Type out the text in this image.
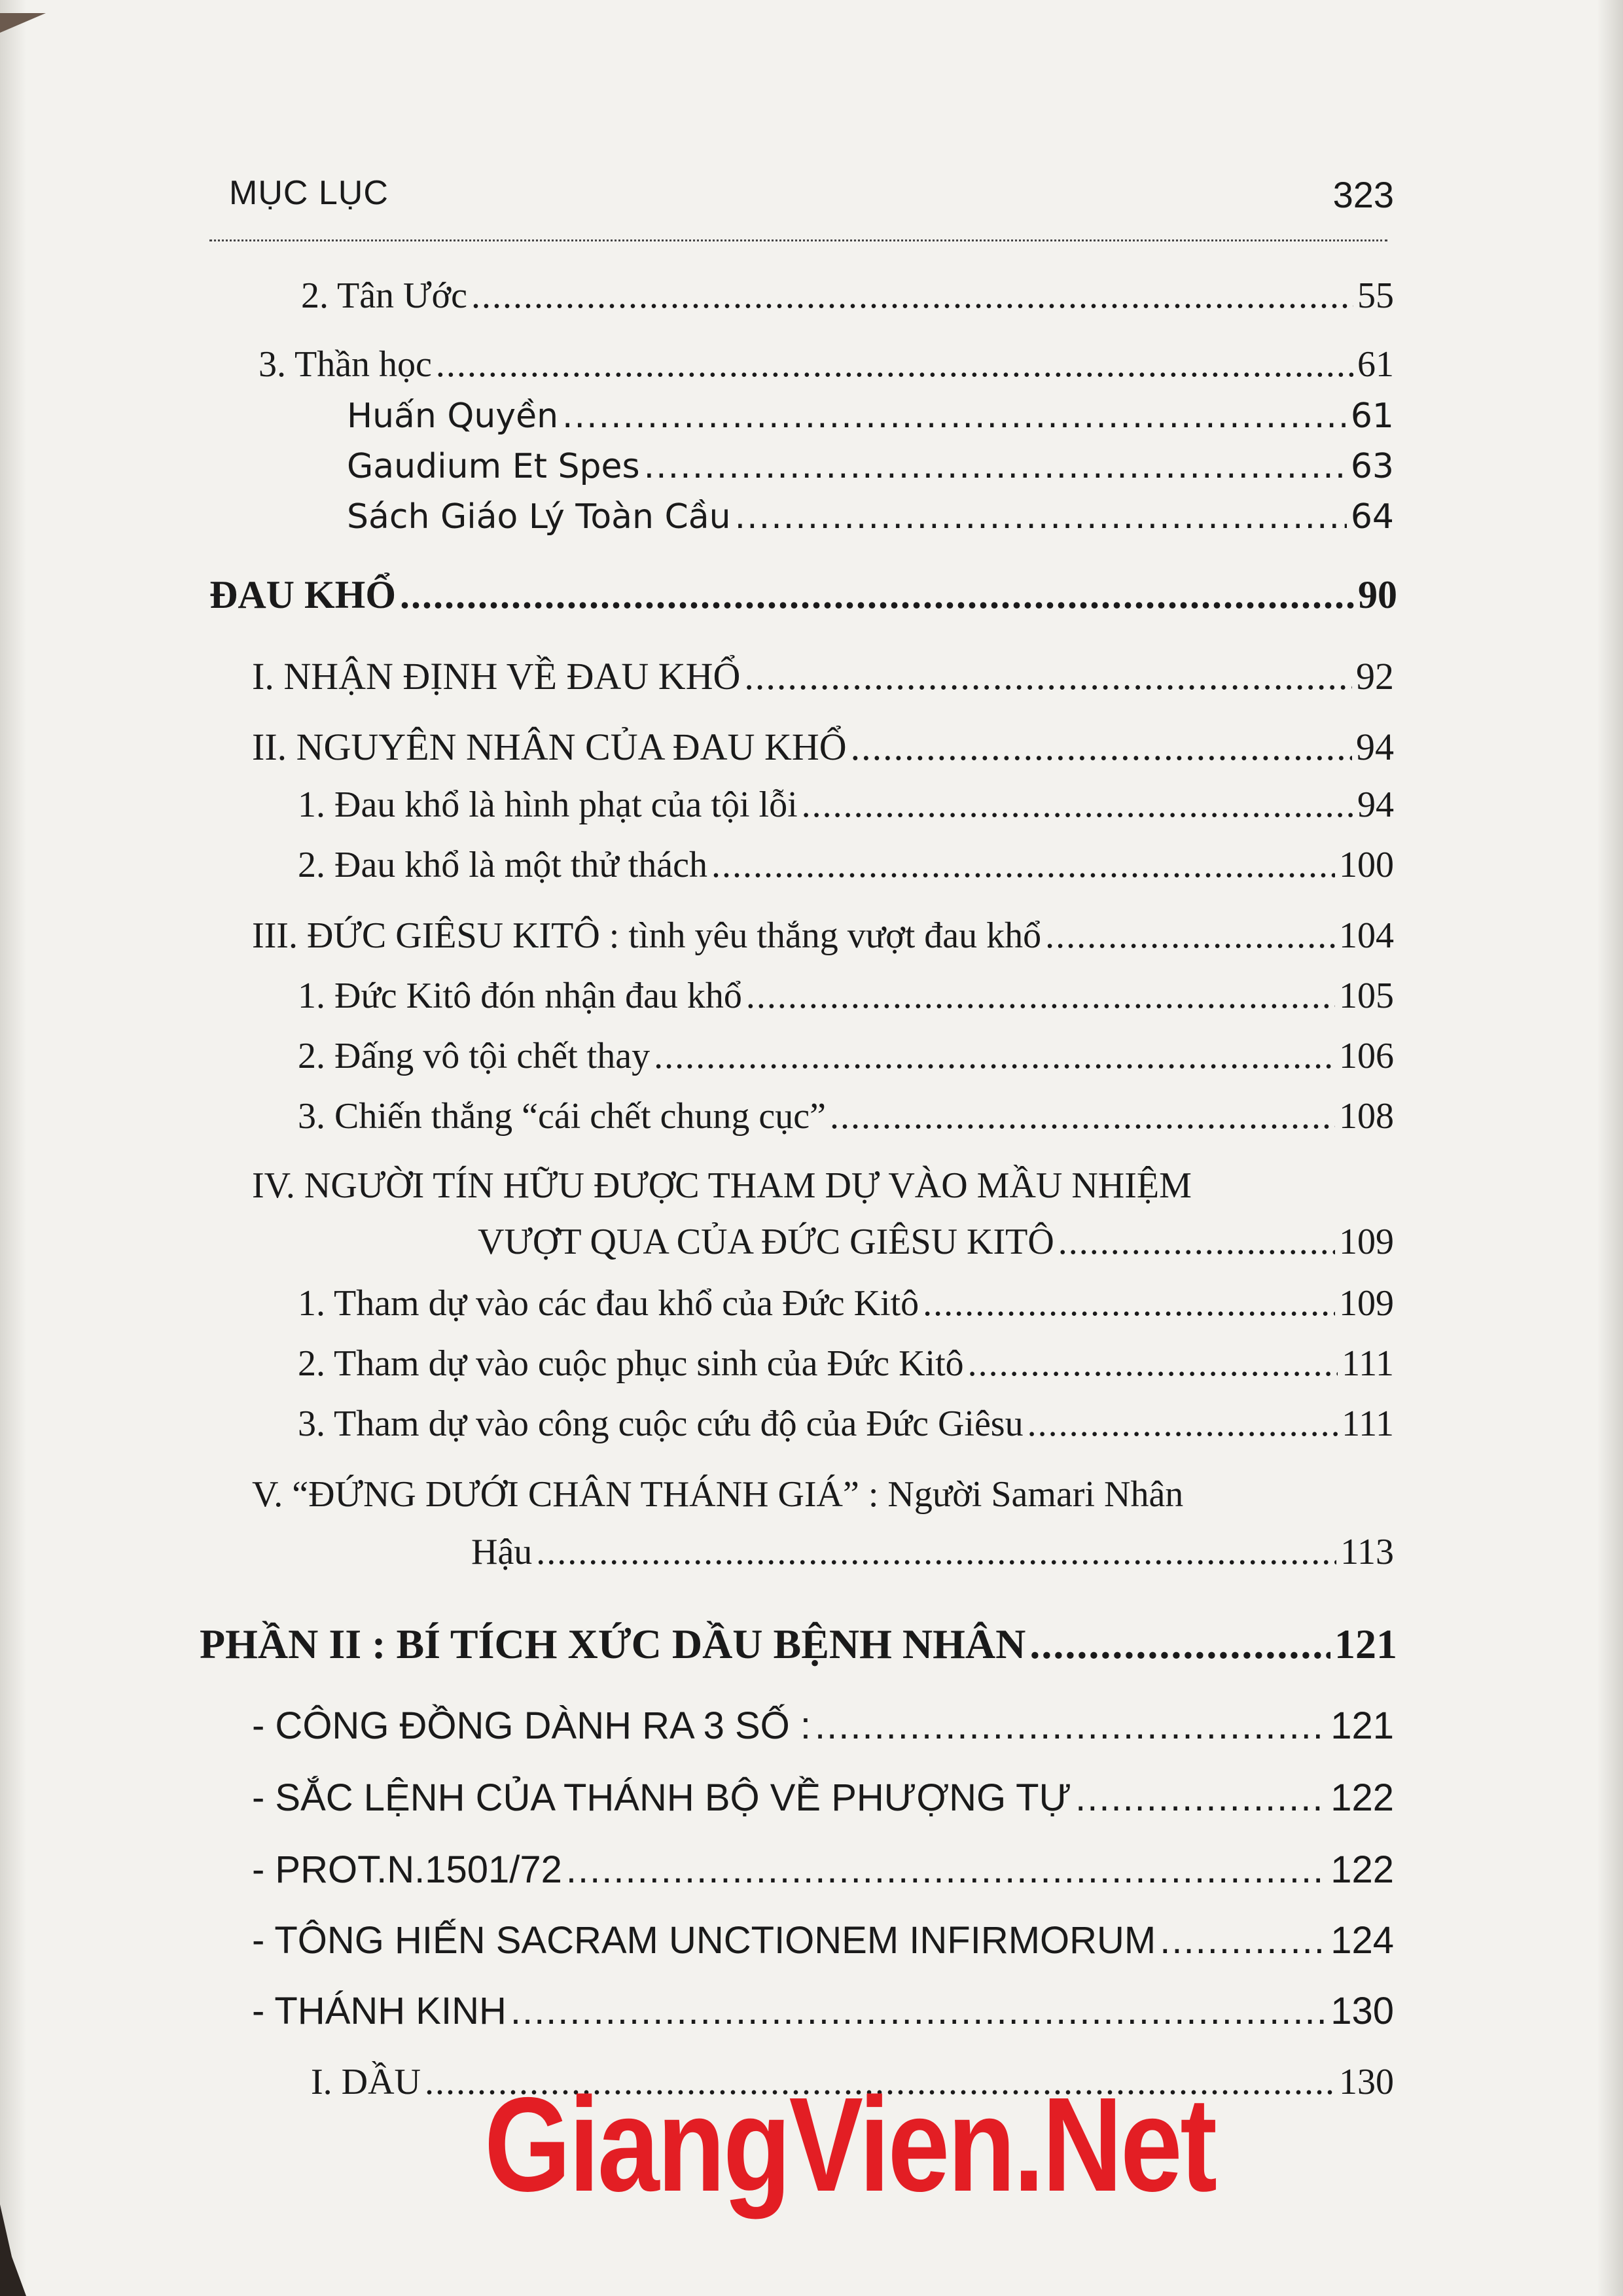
MỤC LỤC	323
2. Tân Ước .....	55
3. Thần học .....	61
Huấn Quyền .....	61
Gaudium Et Spes .....	63
Sách Giáo Lý Toàn Cầu .....	64
ĐAU KHỔ .....	90
I. NHẬN ĐỊNH VỀ ĐAU KHỔ .....	92
II. NGUYÊN NHÂN CỦA ĐAU KHỔ .....	94
1. Đau khổ là hình phạt của tội lỗi .....	94
2. Đau khổ là một thử thách .....	100
III. ĐỨC GIÊSU KITÔ : tình yêu thắng vượt đau khổ .....	104
1. Đức Kitô đón nhận đau khổ .....	105
2. Đấng vô tội chết thay .....	106
3. Chiến thắng “cái chết chung cục” .....	108
IV. NGƯỜI TÍN HỮU ĐƯỢC THAM DỰ VÀO MẦU NHIỆM
VƯỢT QUA CỦA ĐỨC GIÊSU KITÔ .....	109
1. Tham dự vào các đau khổ của Đức Kitô .....	109
2. Tham dự vào cuộc phục sinh của Đức Kitô .....	111
3. Tham dự vào công cuộc cứu độ của Đức Giêsu .....	111
V. “ĐỨNG DƯỚI CHÂN THÁNH GIÁ” : Người Samari Nhân
Hậu .....	113
PHẦN II : BÍ TÍCH XỨC DẦU BỆNH NHÂN .....	121
- CÔNG ĐỒNG DÀNH RA 3 SỐ : .....	121
- SẮC LỆNH CỦA THÁNH BỘ VỀ PHƯỢNG TỰ .....	122
- PROT.N.1501/72 .....	122
- TÔNG HIẾN SACRAM UNCTIONEM INFIRMORUM .....	124
- THÁNH KINH .....	130
I. DẦU .....	130
GiangVien.Net
